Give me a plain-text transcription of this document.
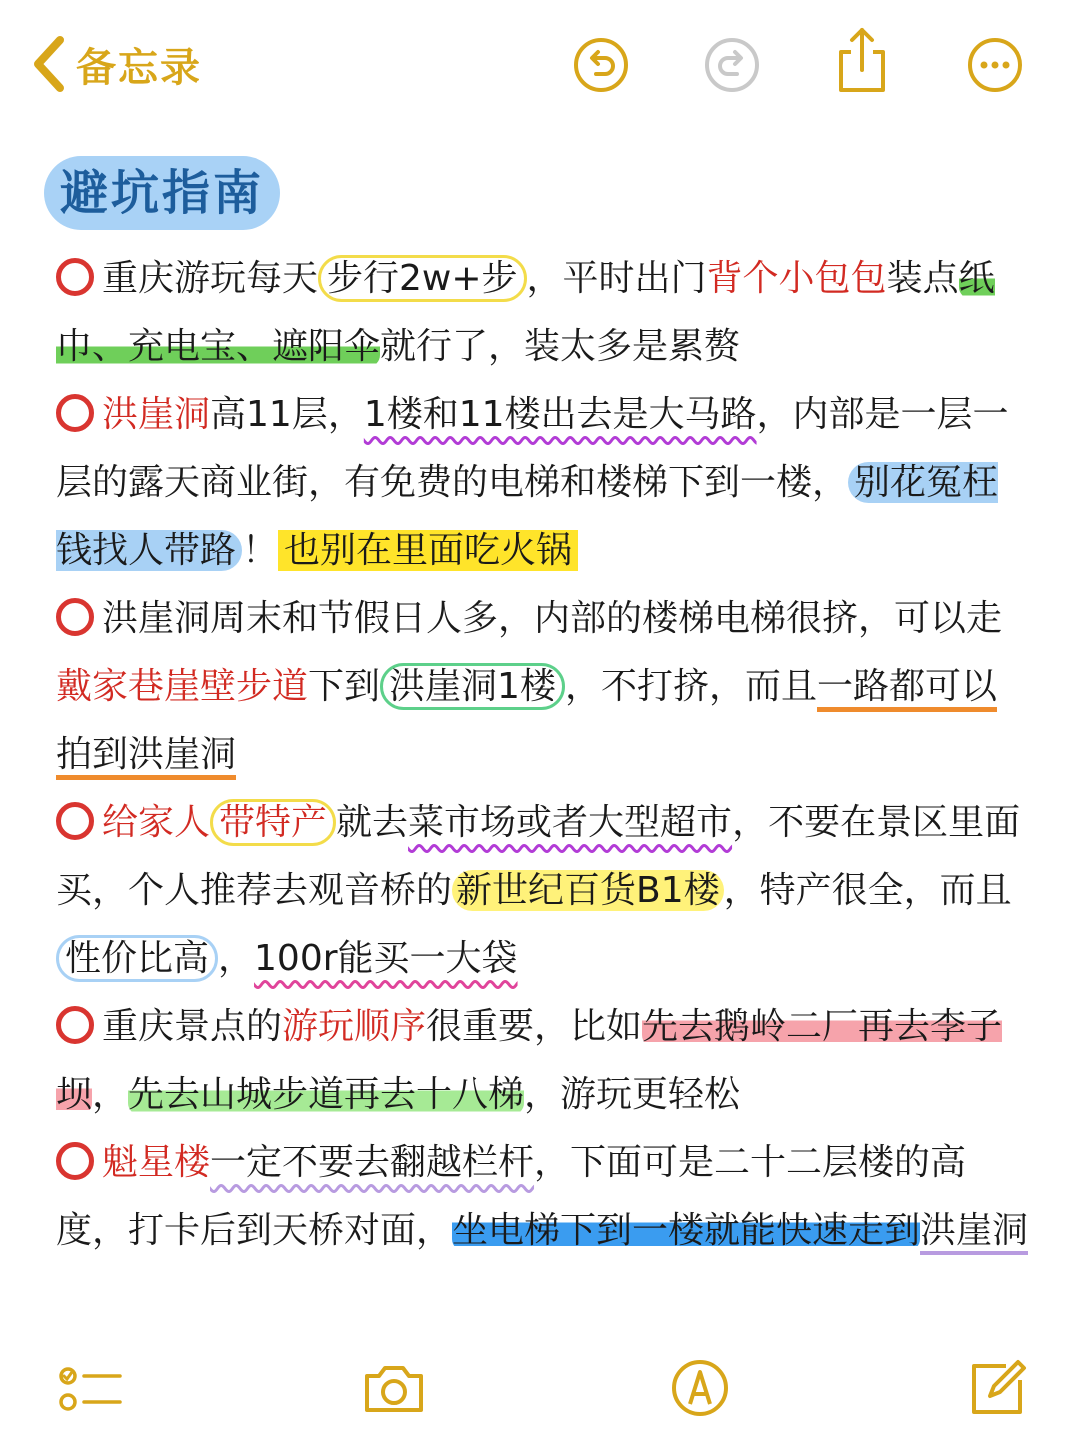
备忘录
避坑指南

重庆游玩每天 步行2w+步 ，平时出门背个小包包装点纸巾、充电宝、遮阳伞就行了，装太多是累赘

洪崖洞高11层，1楼和11楼出去是大马路，内部是一层一层的露天商业街，有免费的电梯和楼梯下到一楼， 别花冤枉钱找人带路 ！ 也别在里面吃火锅

洪崖洞周末和节假日人多，内部的楼梯电梯很挤，可以走戴家巷崖壁步道下到 洪崖洞1楼 ，不打挤，而且一路都可以拍到洪崖洞

给家人 带特产 就去菜市场或者大型超市，不要在景区里面买，个人推荐去观音桥的 新世纪百货B1楼 ，特产很全，而且性价比高 ，100r能买一大袋

重庆景点的游玩顺序很重要，比如先去鹅岭二厂再去李子坝，先去山城步道再去十八梯，游玩更轻松

魁星楼一定不要去翻越栏杆，下面可是二十二层楼的高度，打卡后到天桥对面，坐电梯下到一楼就能快速走到洪崖洞
